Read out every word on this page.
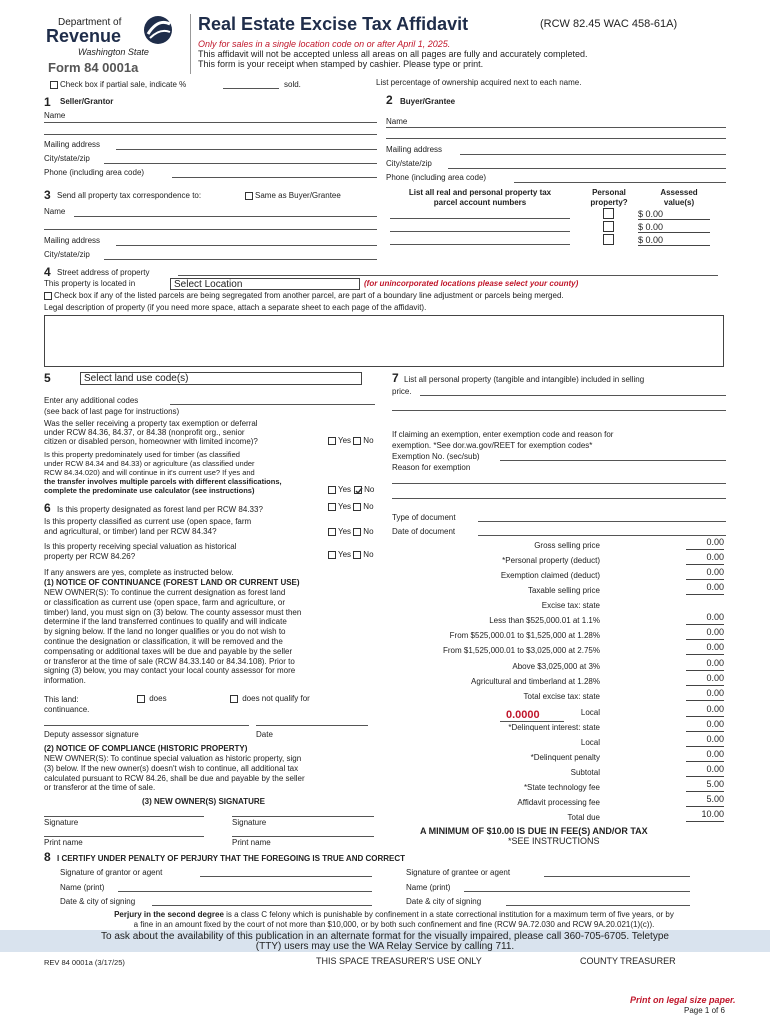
Department of
Revenue
Washington State
Form 84 0001a
Real Estate Excise Tax Affidavit	(RCW 82.45 WAC 458-61A)
Only for sales in a single location code on or after April 1, 2025.
This affidavit will not be accepted unless all areas on all pages are fully and accurately completed.
This form is your receipt when stamped by cashier. Please type or print.
Check box if partial sale, indicate %	sold.	List percentage of ownership acquired next to each name.
1 Seller/Grantor
Name
Mailing address
City/state/zip
Phone (including area code)
2 Buyer/Grantee
Name
Mailing address
City/state/zip
Phone (including area code)
3 Send all property tax correspondence to:	Same as Buyer/Grantee
Name
Mailing address
City/state/zip
List all real and personal property tax
parcel account numbers
Personal
property?
Assessed
value(s)
$ 0.00
$ 0.00
$ 0.00
4 Street address of property
This property is located in	Select Location	(for unincorporated locations please select your county)
Check box if any of the listed parcels are being segregated from another parcel, are part of a boundary line adjustment or parcels being merged.
Legal description of property (if you need more space, attach a separate sheet to each page of the affidavit).
5	Select land use code(s)
Enter any additional codes
(see back of last page for instructions)
Was the seller receiving a property tax exemption or deferral
under RCW 84.36, 84.37, or 84.38 (nonprofit org., senior
citizen or disabled person, homeowner with limited income)?	Yes No
Is this property predominately used for timber (as classified
under RCW 84.34 and 84.33) or agriculture (as classified under
RCW 84.34.020) and will continue in it's current use? If yes and
the transfer involves multiple parcels with different classifications,
complete the predominate use calculator (see instructions)	Yes No
6 Is this property designated as forest land per RCW 84.33?	Yes No
Is this property classified as current use (open space, farm
and agricultural, or timber) land per RCW 84.34?	Yes No
Is this property receiving special valuation as historical
property per RCW 84.26?	Yes No
If any answers are yes, complete as instructed below.
(1) NOTICE OF CONTINUANCE (FOREST LAND OR CURRENT USE)
NEW OWNER(S): To continue the current designation as forest land
or classification as current use (open space, farm and agriculture, or
timber) land, you must sign on (3) below. The county assessor must then
determine if the land transferred continues to qualify and will indicate
by signing below. If the land no longer qualifies or you do not wish to
continue the designation or classification, it will be removed and the
compensating or additional taxes will be due and payable by the seller
or transferor at the time of sale (RCW 84.33.140 or 84.34.108). Prior to
signing (3) below, you may contact your local county assessor for more
information.
This land:
continuance.
does	does not qualify for
Deputy assessor signature	Date
(2) NOTICE OF COMPLIANCE (HISTORIC PROPERTY)
NEW OWNER(S): To continue special valuation as historic property, sign
(3) below. If the new owner(s) doesn't wish to continue, all additional tax
calculated pursuant to RCW 84.26, shall be due and payable by the seller
or transferor at the time of sale.
(3) NEW OWNER(S) SIGNATURE
Signature	Signature
Print name	Print name
7 List all personal property (tangible and intangible) included in selling
price.
If claiming an exemption, enter exemption code and reason for
exemption. *See dor.wa.gov/REET for exemption codes*
Exemption No. (sec/sub)
Reason for exemption
Type of document
Date of document
Gross selling price	0.00
*Personal property (deduct)	0.00
Exemption claimed (deduct)	0.00
Taxable selling price	0.00
Excise tax: state
Less than $525,000.01 at 1.1%	0.00
From $525,000.01 to $1,525,000 at 1.28%	0.00
From $1,525,000.01 to $3,025,000 at 2.75%	0.00
Above $3,025,000 at 3%	0.00
Agricultural and timberland at 1.28%	0.00
Total excise tax: state	0.00
Local	0.00
*Delinquent interest: state	0.00
Local	0.00
*Delinquent penalty	0.00
Subtotal	0.00
*State technology fee	5.00
Affidavit processing fee	5.00
Total due	10.00
0.0000
A MINIMUM OF $10.00 IS DUE IN FEE(S) AND/OR TAX
*SEE INSTRUCTIONS
8 I CERTIFY UNDER PENALTY OF PERJURY THAT THE FOREGOING IS TRUE AND CORRECT
Signature of grantor or agent
Name (print)
Date & city of signing
Signature of grantee or agent
Name (print)
Date & city of signing
Perjury in the second degree is a class C felony which is punishable by confinement in a state correctional institution for a maximum term of five years, or by
a fine in an amount fixed by the court of not more than $10,000, or by both such confinement and fine (RCW 9A.72.030 and RCW 9A.20.021(1)(c)).
To ask about the availability of this publication in an alternate format for the visually impaired, please call 360-705-6705. Teletype
(TTY) users may use the WA Relay Service by calling 711.
REV 84 0001a (3/17/25)	THIS SPACE TREASURER'S USE ONLY	COUNTY TREASURER
Print on legal size paper.
Page 1 of 6
